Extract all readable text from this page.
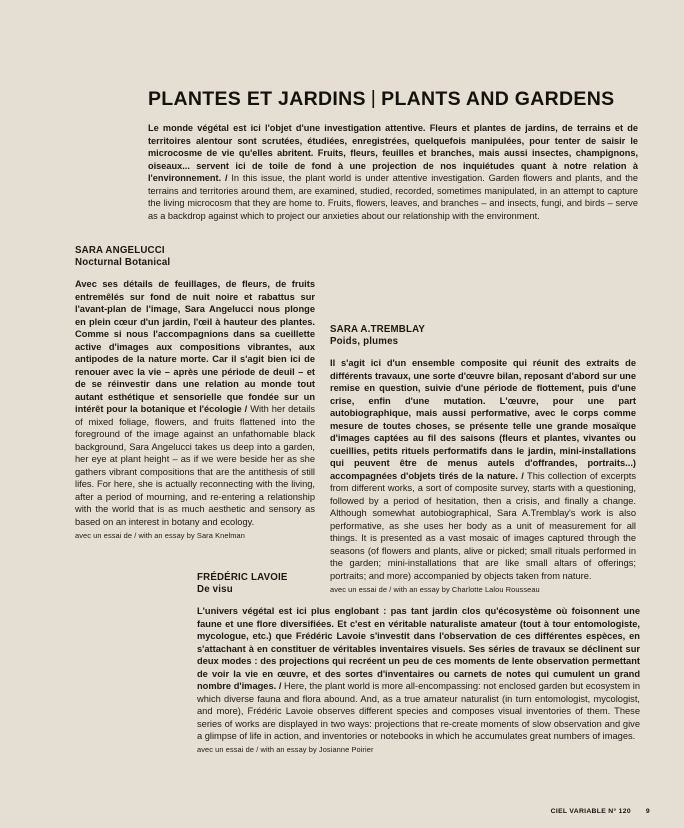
PLANTES ET JARDINS | PLANTS AND GARDENS

Le monde végétal est ici l'objet d'une investigation attentive. Fleurs et plantes de jardins, de terrains et de territoires alentour sont scrutées, étudiées, enregistrées, quelquefois manipulées, pour tenter de saisir le microcosme de vie qu'elles abritent. Fruits, fleurs, feuilles et branches, mais aussi insectes, champignons, oiseaux... servent ici de toile de fond à une projection de nos inquiétudes quant à notre relation à l'environnement. / In this issue, the plant world is under attentive investigation. Garden flowers and plants, and the terrains and territories around them, are examined, studied, recorded, sometimes manipulated, in an attempt to capture the living microcosm that they are home to. Fruits, flowers, leaves, and branches – and insects, fungi, and birds – serve as a backdrop against which to project our anxieties about our relationship with the environment.

SARA ANGELUCCI
Nocturnal Botanical

Avec ses détails de feuillages, de fleurs, de fruits entremêlés sur fond de nuit noire et rabattus sur l'avant-plan de l'image, Sara Angelucci nous plonge en plein cœur d'un jardin, l'œil à hauteur des plantes. Comme si nous l'accompagnions dans sa cueillette active d'images aux compositions vibrantes, aux antipodes de la nature morte. Car il s'agit bien ici de renouer avec la vie – après une période de deuil – et de se réinvestir dans une relation au monde tout autant esthétique et sensorielle que fondée sur un intérêt pour la botanique et l'écologie / With her details of mixed foliage, flowers, and fruits flattened into the foreground of the image against an unfathomable black background, Sara Angelucci takes us deep into a garden, her eye at plant height – as if we were beside her as she gathers vibrant compositions that are the antithesis of still lifes. For here, she is actually reconnecting with the living, after a period of mourning, and re-entering a relationship with the world that is as much aesthetic and sensory as based on an interest in botany and ecology.

avec un essai de / with an essay by Sara Knelman

SARA A.TREMBLAY
Poids, plumes

Il s'agit ici d'un ensemble composite qui réunit des extraits de différents travaux, une sorte d'œuvre bilan, reposant d'abord sur une remise en question, suivie d'une période de flottement, puis d'une crise, enfin d'une mutation. L'œuvre, pour une part autobiographique, mais aussi performative, avec le corps comme mesure de toutes choses, se présente telle une grande mosaïque d'images captées au fil des saisons (fleurs et plantes, vivantes ou cueillies, petits rituels performatifs dans le jardin, mini-installations qui peuvent être de menus autels d'offrandes, portraits...) accompagnées d'objets tirés de la nature. / This collection of excerpts from different works, a sort of composite survey, starts with a questioning, followed by a period of hesitation, then a crisis, and finally a change. Although somewhat autobiographical, Sara A.Tremblay's work is also performative, as she uses her body as a unit of measurement for all things. It is presented as a vast mosaic of images captured through the seasons (of flowers and plants, alive or picked; small rituals performed in the garden; mini-installations that are like small altars of offerings; portraits; and more) accompanied by objects taken from nature.

avec un essai de / with an essay by Charlotte Lalou Rousseau

FRÉDÉRIC LAVOIE
De visu

L'univers végétal est ici plus englobant : pas tant jardin clos qu'écosystème où foisonnent une faune et une flore diversifiées. Et c'est en véritable naturaliste amateur (tout à tour entomologiste, mycologue, etc.) que Frédéric Lavoie s'investit dans l'observation de ces différentes espèces, en s'attachant à en constituer de véritables inventaires visuels. Ses séries de travaux se déclinent sur deux modes : des projections qui recréent un peu de ces moments de lente observation permettant de voir la vie en œuvre, et des sortes d'inventaires ou carnets de notes qui cumulent un grand nombre d'images. / Here, the plant world is more all-encompassing: not enclosed garden but ecosystem in which diverse fauna and flora abound. And, as a true amateur naturalist (in turn entomologist, mycologist, and more), Frédéric Lavoie observes different species and composes visual inventories of them. These series of works are displayed in two ways: projections that re-create moments of slow observation and give a glimpse of life in action, and inventories or notebooks in which he accumulates great numbers of images.

avec un essai de / with an essay by Josianne Poirier

CIEL VARIABLE N° 120 9
